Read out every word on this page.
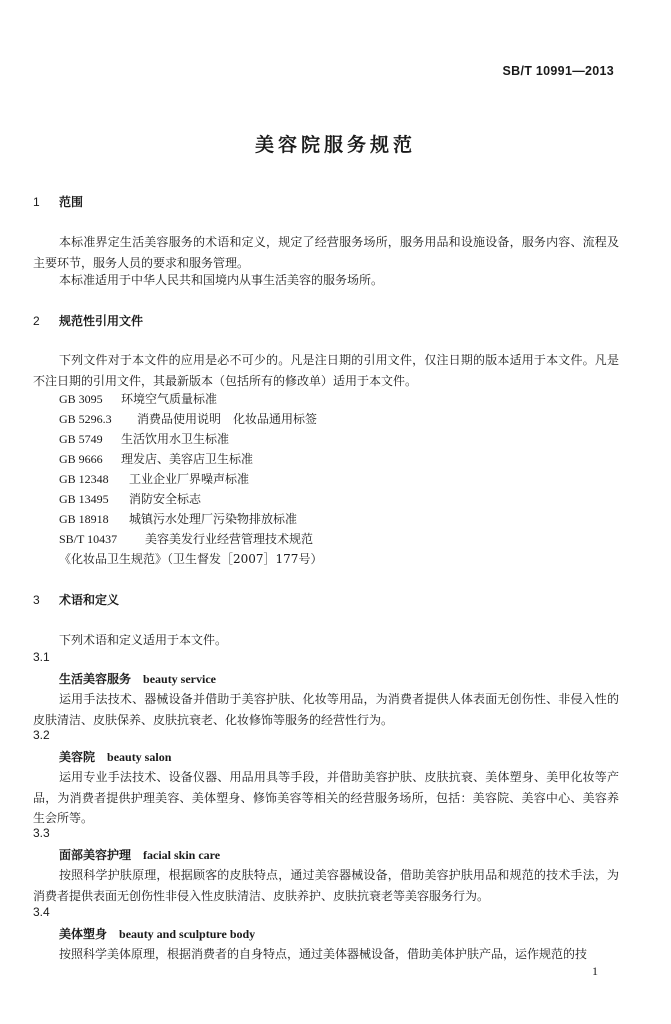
SB/T 10991—2013
美容院服务规范
1 范围
本标准界定生活美容服务的术语和定义，规定了经营服务场所，服务用品和设施设备，服务内容、流程及主要环节，服务人员的要求和服务管理。
本标准适用于中华人民共和国境内从事生活美容的服务场所。
2 规范性引用文件
下列文件对于本文件的应用是必不可少的。凡是注日期的引用文件，仅注日期的版本适用于本文件。凡是不注日期的引用文件，其最新版本（包括所有的修改单）适用于本文件。
GB 3095 环境空气质量标准
GB 5296.3 消费品使用说明　化妆品通用标签
GB 5749 生活饮用水卫生标准
GB 9666 理发店、美容店卫生标准
GB 12348 工业企业厂界噪声标准
GB 13495 消防安全标志
GB 18918 城镇污水处理厂污染物排放标准
SB/T 10437 美容美发行业经营管理技术规范
《化妆品卫生规范》（卫生督发［2007］177号）
3 术语和定义
下列术语和定义适用于本文件。
3.1
生活美容服务 beauty service
运用手法技术、器械设备并借助于美容护肤、化妆等用品，为消费者提供人体表面无创伤性、非侵入性的皮肤清洁、皮肤保养、皮肤抗衰老、化妆修饰等服务的经营性行为。
3.2
美容院 beauty salon
运用专业手法技术、设备仪器、用品用具等手段，并借助美容护肤、皮肤抗衰、美体塑身、美甲化妆等产品，为消费者提供护理美容、美体塑身、修饰美容等相关的经营服务场所，包括：美容院、美容中心、美容养生会所等。
3.3
面部美容护理 facial skin care
按照科学护肤原理，根据顾客的皮肤特点，通过美容器械设备，借助美容护肤用品和规范的技术手法，为消费者提供表面无创伤性非侵入性皮肤清洁、皮肤养护、皮肤抗衰老等美容服务行为。
3.4
美体塑身 beauty and sculpture body
按照科学美体原理，根据消费者的自身特点，通过美体器械设备，借助美体护肤产品，运作规范的技
1
